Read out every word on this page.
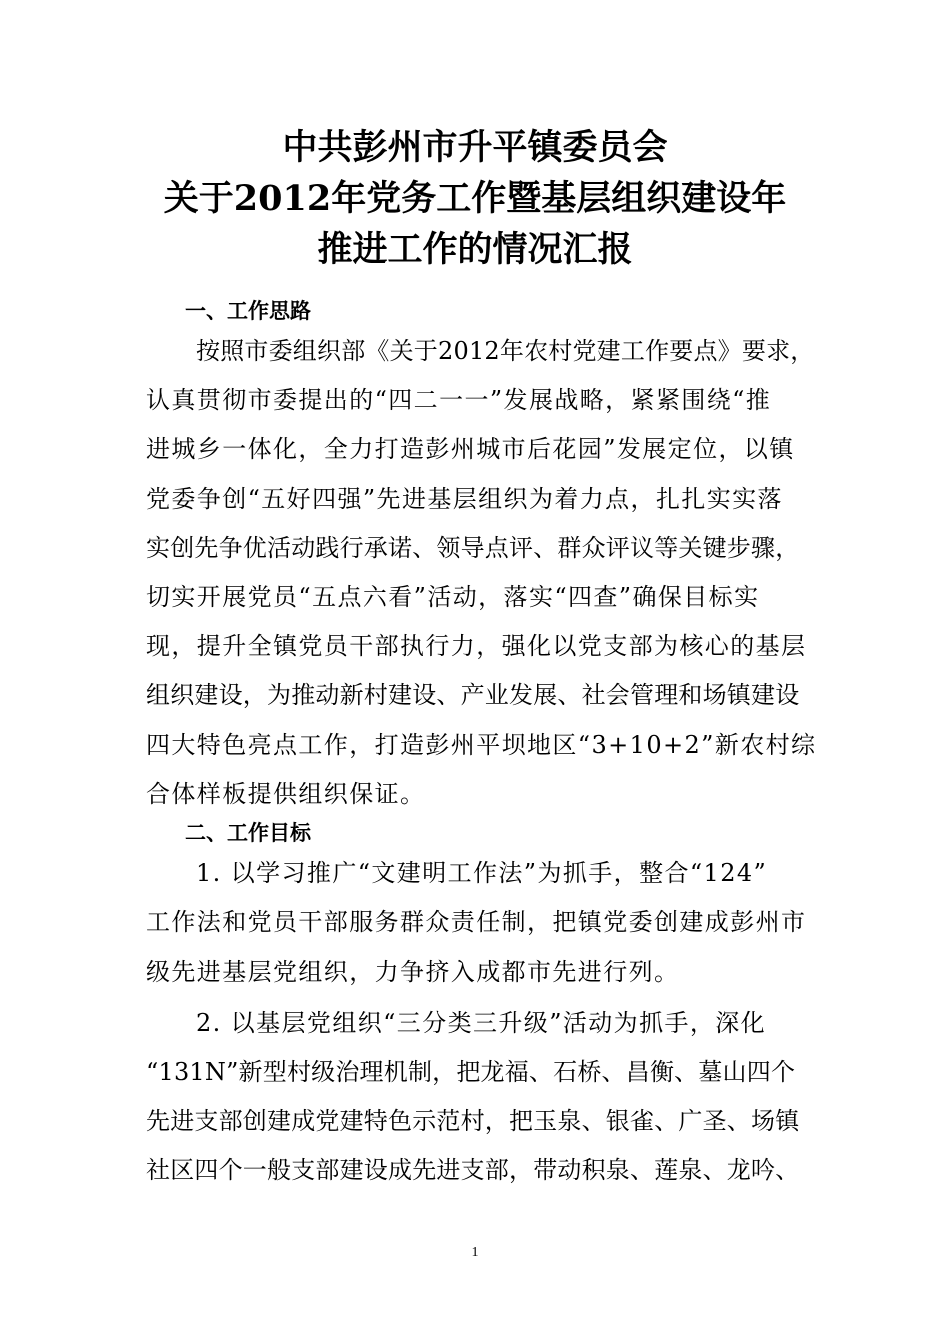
中共彭州市升平镇委员会
关于2012年党务工作暨基层组织建设年
推进工作的情况汇报
一、工作思路
按照市委组织部《关于2012年农村党建工作要点》要求，
认真贯彻市委提出的“四二一一”发展战略，紧紧围绕“推
进城乡一体化，全力打造彭州城市后花园”发展定位，以镇
党委争创“五好四强”先进基层组织为着力点，扎扎实实落
实创先争优活动践行承诺、领导点评、群众评议等关键步骤，
切实开展党员“五点六看”活动，落实“四查”确保目标实
现，提升全镇党员干部执行力，强化以党支部为核心的基层
组织建设，为推动新村建设、产业发展、社会管理和场镇建设
四大特色亮点工作，打造彭州平坝地区“3+10+2”新农村综
合体样板提供组织保证。
二、工作目标
1. 以学习推广“文建明工作法”为抓手，整合“124”
工作法和党员干部服务群众责任制，把镇党委创建成彭州市
级先进基层党组织，力争挤入成都市先进行列。
2. 以基层党组织“三分类三升级”活动为抓手，深化
“131N”新型村级治理机制，把龙福、石桥、昌衡、墓山四个
先进支部创建成党建特色示范村，把玉泉、银雀、广圣、场镇
社区四个一般支部建设成先进支部，带动积泉、莲泉、龙吟、
1
